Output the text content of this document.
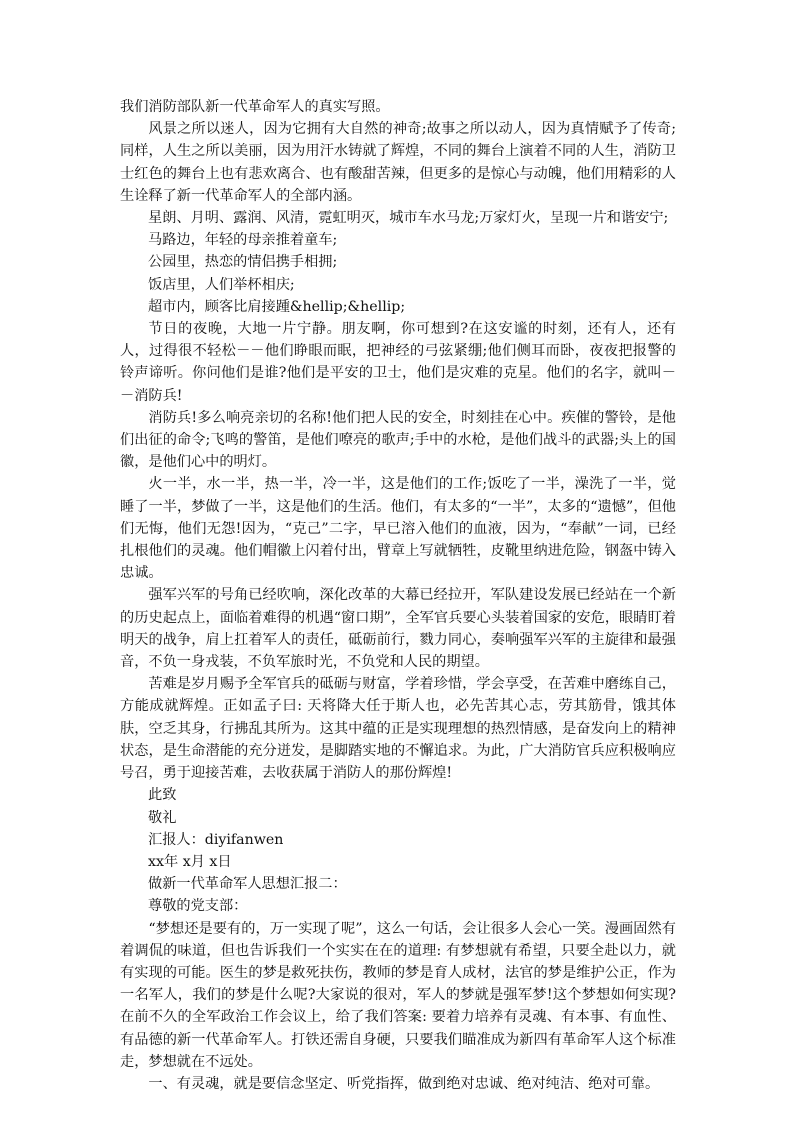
我们消防部队新一代革命军人的真实写照。

风景之所以迷人，因为它拥有大自然的神奇;故事之所以动人，因为真情赋予了传奇;同样，人生之所以美丽，因为用汗水铸就了辉煌，不同的舞台上演着不同的人生，消防卫士红色的舞台上也有悲欢离合、也有酸甜苦辣，但更多的是惊心与动魄，他们用精彩的人生诠释了新一代革命军人的全部内涵。

星朗、月明、露润、风清，霓虹明灭，城市车水马龙;万家灯火，呈现一片和谐安宁;

马路边，年轻的母亲推着童车;

公园里，热恋的情侣携手相拥;

饭店里，人们举杯相庆;

超市内，顾客比肩接踵&hellip;&hellip;

节日的夜晚，大地一片宁静。朋友啊，你可想到?在这安谧的时刻，还有人，还有人，过得很不轻松－－他们睁眼而眠，把神经的弓弦紧绷;他们侧耳而卧，夜夜把报警的铃声谛听。你问他们是谁?他们是平安的卫士，他们是灾难的克星。他们的名字，就叫－－消防兵!

消防兵!多么响亮亲切的名称!他们把人民的安全，时刻挂在心中。疾催的警铃，是他们出征的命令;飞鸣的警笛，是他们嘹亮的歌声;手中的水枪，是他们战斗的武器;头上的国徽，是他们心中的明灯。

火一半，水一半，热一半，冷一半，这是他们的工作;饭吃了一半，澡洗了一半，觉睡了一半，梦做了一半，这是他们的生活。他们，有太多的“一半”，太多的“遗憾”，但他们无悔，他们无怨!因为，“克己”二字，早已溶入他们的血液，因为，“奉献”一词，已经扎根他们的灵魂。他们帽徽上闪着付出，臂章上写就牺牲，皮靴里纳进危险，钢盔中铸入忠诚。

强军兴军的号角已经吹响，深化改革的大幕已经拉开，军队建设发展已经站在一个新的历史起点上，面临着难得的机遇“窗口期”，全军官兵要心头装着国家的安危，眼睛盯着明天的战争，肩上扛着军人的责任，砥砺前行，戮力同心，奏响强军兴军的主旋律和最强音，不负一身戎装，不负军旅时光，不负党和人民的期望。

苦难是岁月赐予全军官兵的砥砺与财富，学着珍惜，学会享受，在苦难中磨练自己，方能成就辉煌。正如孟子曰: 天将降大任于斯人也，必先苦其心志，劳其筋骨，饿其体肤，空乏其身，行拂乱其所为。这其中蕴的正是实现理想的热烈情感，是奋发向上的精神状态，是生命潜能的充分迸发，是脚踏实地的不懈追求。为此，广大消防官兵应积极响应号召，勇于迎接苦难，去收获属于消防人的那份辉煌!

此致

敬礼

汇报人：diyifanwen

xx年 x月 x日

做新一代革命军人思想汇报二：

尊敬的党支部：

“梦想还是要有的，万一实现了呢”，这么一句话，会让很多人会心一笑。漫画固然有着调侃的味道，但也告诉我们一个实实在在的道理: 有梦想就有希望，只要全赴以力，就有实现的可能。医生的梦是救死扶伤，教师的梦是育人成材，法官的梦是维护公正，作为一名军人，我们的梦是什么呢?大家说的很对，军人的梦就是强军梦!这个梦想如何实现?在前不久的全军政治工作会议上，给了我们答案: 要着力培养有灵魂、有本事、有血性、有品德的新一代革命军人。打铁还需自身硬，只要我们瞄准成为新四有革命军人这个标准走，梦想就在不远处。

一、有灵魂，就是要信念坚定、听党指挥，做到绝对忠诚、绝对纯洁、绝对可靠。
